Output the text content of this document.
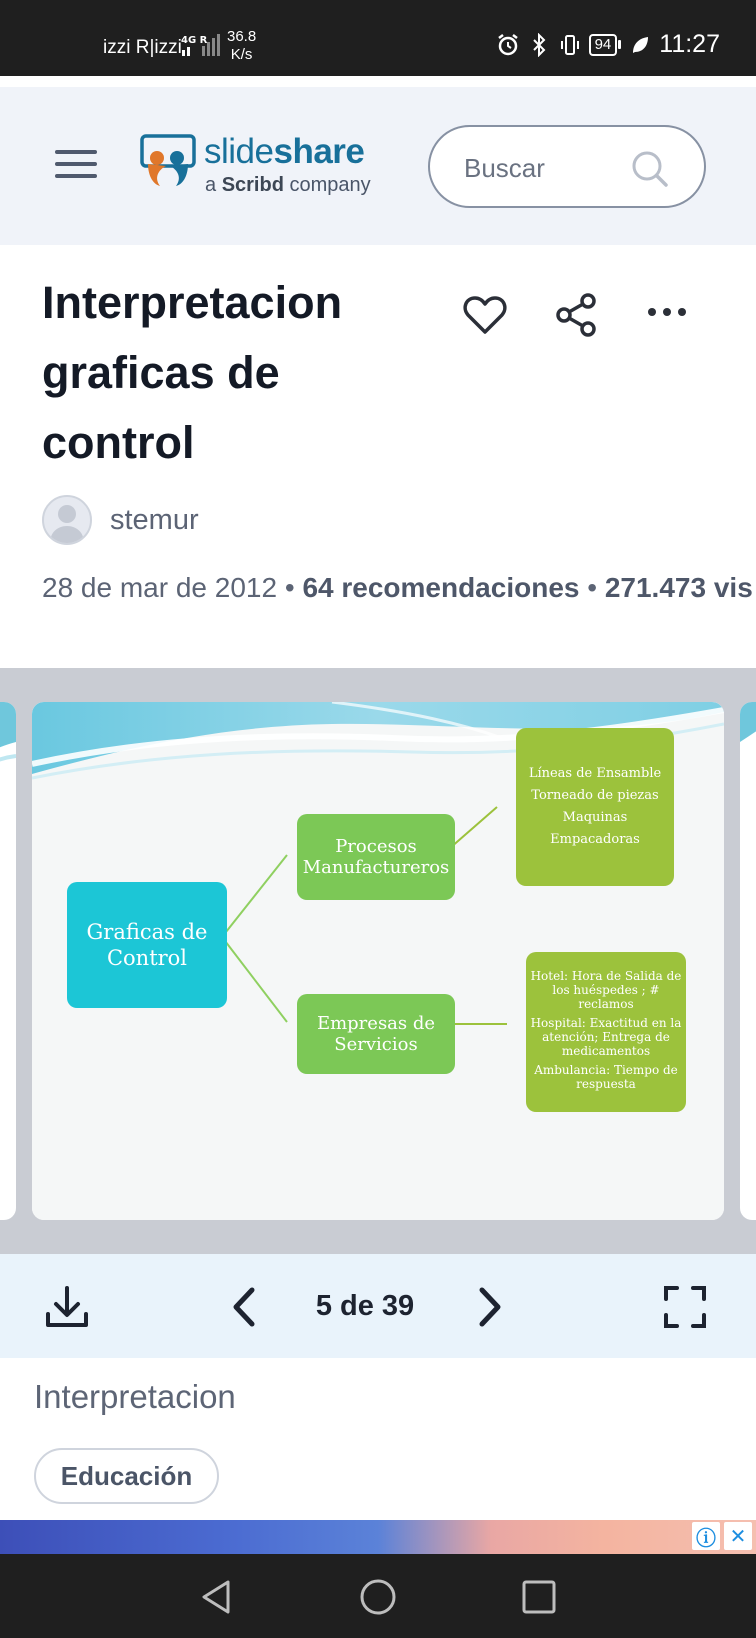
izzi R|izzi 4G R 36.8
K/s
94 11:27
slideshare
a Scribd company
Buscar
Interpretacion
graficas de
control
stemur
28 de mar de 2012 • 64 recomendaciones • 271.473 vis
Graficas de
Control
Procesos
Manufactureros
Empresas de
Servicios
Líneas de Ensamble
Torneado de piezas
Maquinas Empacadoras
Hotel: Hora de Salida de los huéspedes ; # reclamos
Hospital: Exactitud en la atención; Entrega de medicamentos
Ambulancia: Tiempo de respuesta
5 de 39
Interpretacion
Educación
ⓘ ✕
